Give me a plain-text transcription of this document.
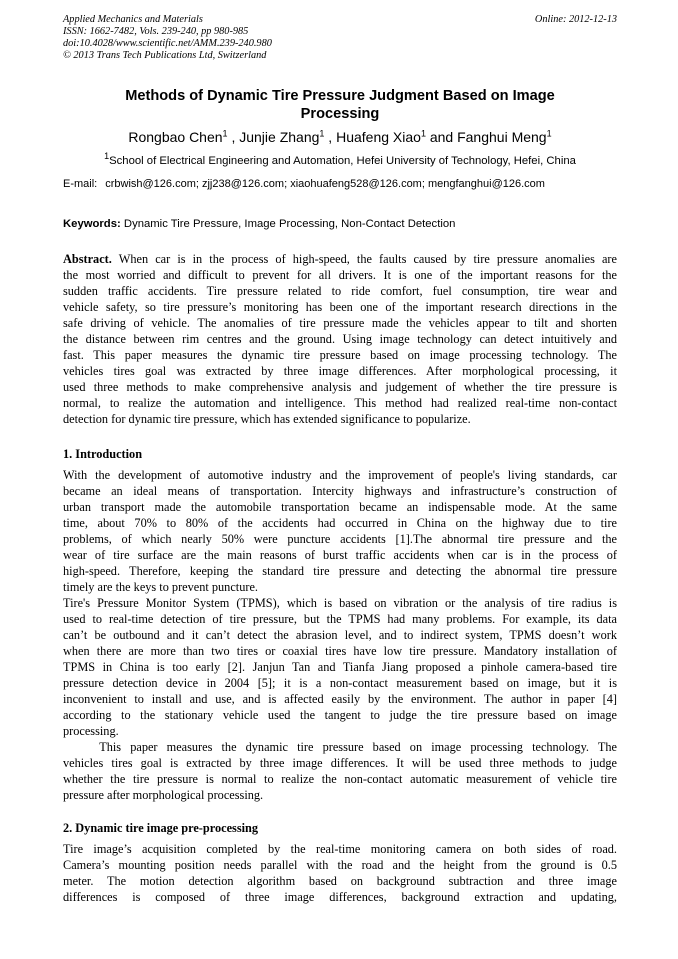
Applied Mechanics and Materials	Online: 2012-12-13
ISSN: 1662-7482, Vols. 239-240, pp 980-985
doi:10.4028/www.scientific.net/AMM.239-240.980
© 2013 Trans Tech Publications Ltd, Switzerland
Methods of Dynamic Tire Pressure Judgment Based on Image
Processing
Rongbao Chen$^1$ , Junjie Zhang$^1$ , Huafeng Xiao$^1$ and Fanghui Meng$^1$
$^1$School of Electrical Engineering and Automation, Hefei University of Technology, Hefei, China
E-mail: crbwish@126.com; zjj238@126.com; xiaohuafeng528@126.com; mengfanghui@126.com
Keywords: Dynamic Tire Pressure, Image Processing, Non-Contact Detection
Abstract. When car is in the process of high-speed, the faults caused by tire pressure anomalies are
the most worried and difficult to prevent for all drivers. It is one of the important reasons for the
sudden traffic accidents. Tire pressure related to ride comfort, fuel consumption, tire wear and
vehicle safety, so tire pressure’s monitoring has been one of the important research directions in the
safe driving of vehicle. The anomalies of tire pressure made the vehicles appear to tilt and shorten
the distance between rim centres and the ground. Using image technology can detect intuitively and
fast. This paper measures the dynamic tire pressure based on image processing technology. The
vehicles tires goal was extracted by three image differences. After morphological processing, it
used three methods to make comprehensive analysis and judgement of whether the tire pressure is
normal, to realize the automation and intelligence. This method had realized real-time non-contact
detection for dynamic tire pressure, which has extended significance to popularize.
1. Introduction
With the development of automotive industry and the improvement of people's living standards, car
became an ideal means of transportation. Intercity highways and infrastructure’s construction of
urban transport made the automobile transportation became an indispensable mode. At the same
time, about 70% to 80% of the accidents had occurred in China on the highway due to tire
problems, of which nearly 50% were puncture accidents [1].The abnormal tire pressure and the
wear of tire surface are the main reasons of burst traffic accidents when car is in the process of
high-speed. Therefore, keeping the standard tire pressure and detecting the abnormal tire pressure
timely are the keys to prevent puncture.
Tire's Pressure Monitor System (TPMS), which is based on vibration or the analysis of tire radius is
used to real-time detection of tire pressure, but the TPMS had many problems. For example, its data
can’t be outbound and it can’t detect the abrasion level, and to indirect system, TPMS doesn’t work
when there are more than two tires or coaxial tires have low tire pressure. Mandatory installation of
TPMS in China is too early [2]. Janjun Tan and Tianfa Jiang proposed a pinhole camera-based tire
pressure detection device in 2004 [5]; it is a non-contact measurement based on image, but it is
inconvenient to install and use, and is affected easily by the environment. The author in paper [4]
according to the stationary vehicle used the tangent to judge the tire pressure based on image
processing.
This paper measures the dynamic tire pressure based on image processing technology. The
vehicles tires goal is extracted by three image differences. It will be used three methods to judge
whether the tire pressure is normal to realize the non-contact automatic measurement of vehicle tire
pressure after morphological processing.
2. Dynamic tire image pre-processing
Tire image’s acquisition completed by the real-time monitoring camera on both sides of road.
Camera’s mounting position needs parallel with the road and the height from the ground is 0.5
meter. The motion detection algorithm based on background subtraction and three image
differences is composed of three image differences, background extraction and updating,
